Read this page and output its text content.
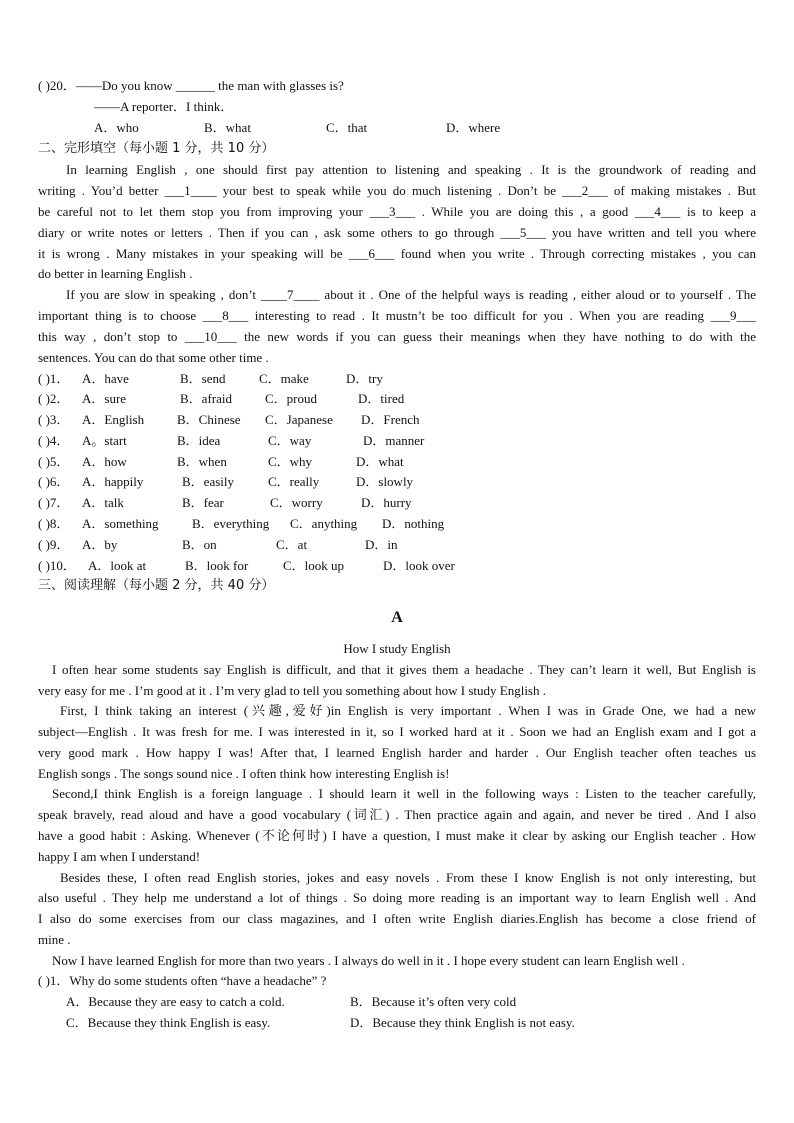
( )20．——Do you know ______ the man with glasses is?
——A reporter．I think．
A．who	B．what	C．that	D．where
二、完形填空（每小题 1 分，共 10 分）
In learning English , one should first pay attention to listening and speaking . It is the groundwork of reading and
writing . You’d better ___1____ your best to speak while you do much listening . Don’t be ___2___ of making mistakes . But
be careful not to let them stop you from improving your ___3___ . While you are doing this , a good ___4___ is to keep a
diary or write notes or letters . Then if you can , ask some others to go through ___5___ you have written and tell you where
it is wrong . Many mistakes in your speaking will be ___6___ found when you write . Through correcting mistakes , you can
do better in learning English .
If you are slow in speaking , don’t ____7____ about it . One of the helpful ways is reading , either aloud or to yourself . The
important thing is to choose ___8___ interesting to read . It mustn’t be too difficult for you . When you are reading ___9___
this way , don’t stop to ___10___ the new words if you can guess their meanings when they have nothing to do with the
sentences. You can do that some other time .
( )1． A．have	B．send	C．make	D．try
( )2． A．sure	B．afraid	C．proud	D．tired
( )3． A．English	B．Chinese C．Japanese D．French
( )4． A。start	B．idea	C．way	D．manner
( )5． A．how	B．when	C．why	D．what
( )6． A．happily	B．easily	C．really	D．slowly
( )7． A．talk	B．fear	C．worry	D．hurry
( )8． A．something	B．everything C．anything D．nothing
( )9． A．by	B．on	C．at	D．in
( )10． A．look at	B．look for	C．look up	D．look over
三、阅读理解（每小题 2 分，共 40 分）
A
How I study English
I often hear some students say English is difficult, and that it gives them a headache . They can’t learn it well, But English is
very easy for me . I’m good at it . I’m very glad to tell you something about how I study English .
First, I think taking an interest (兴趣,爱好)in English is very important . When I was in Grade One, we had a new
subject—English . It was fresh for me. I was interested in it, so I worked hard at it . Soon we had an English exam and I got a
very good mark . How happy I was! After that, I learned English harder and harder . Our English teacher often teaches us
English songs . The songs sound nice . I often think how interesting English is!
Second,I think English is a foreign language . I should learn it well in the following ways : Listen to the teacher carefully,
speak bravely, read aloud and have a good vocabulary (词汇) . Then practice again and again, and never be tired . And I also
have a good habit : Asking. Whenever (不论何时) I have a question, I must make it clear by asking our English teacher . How
happy I am when I understand!
Besides these, I often read English stories, jokes and easy novels . From these I know English is not only interesting, but
also useful . They help me understand a lot of things . So doing more reading is an important way to learn English well . And
I also do some exercises from our class magazines, and I often write English diaries.English has become a close friend of
mine .
Now I have learned English for more than two years . I always do well in it . I hope every student can learn English well .
( )1．Why do some students often “have a headache” ?
A．Because they are easy to catch a cold.	B．Because it’s often very cold
C．Because they think English is easy.	D．Because they think English is not easy.
